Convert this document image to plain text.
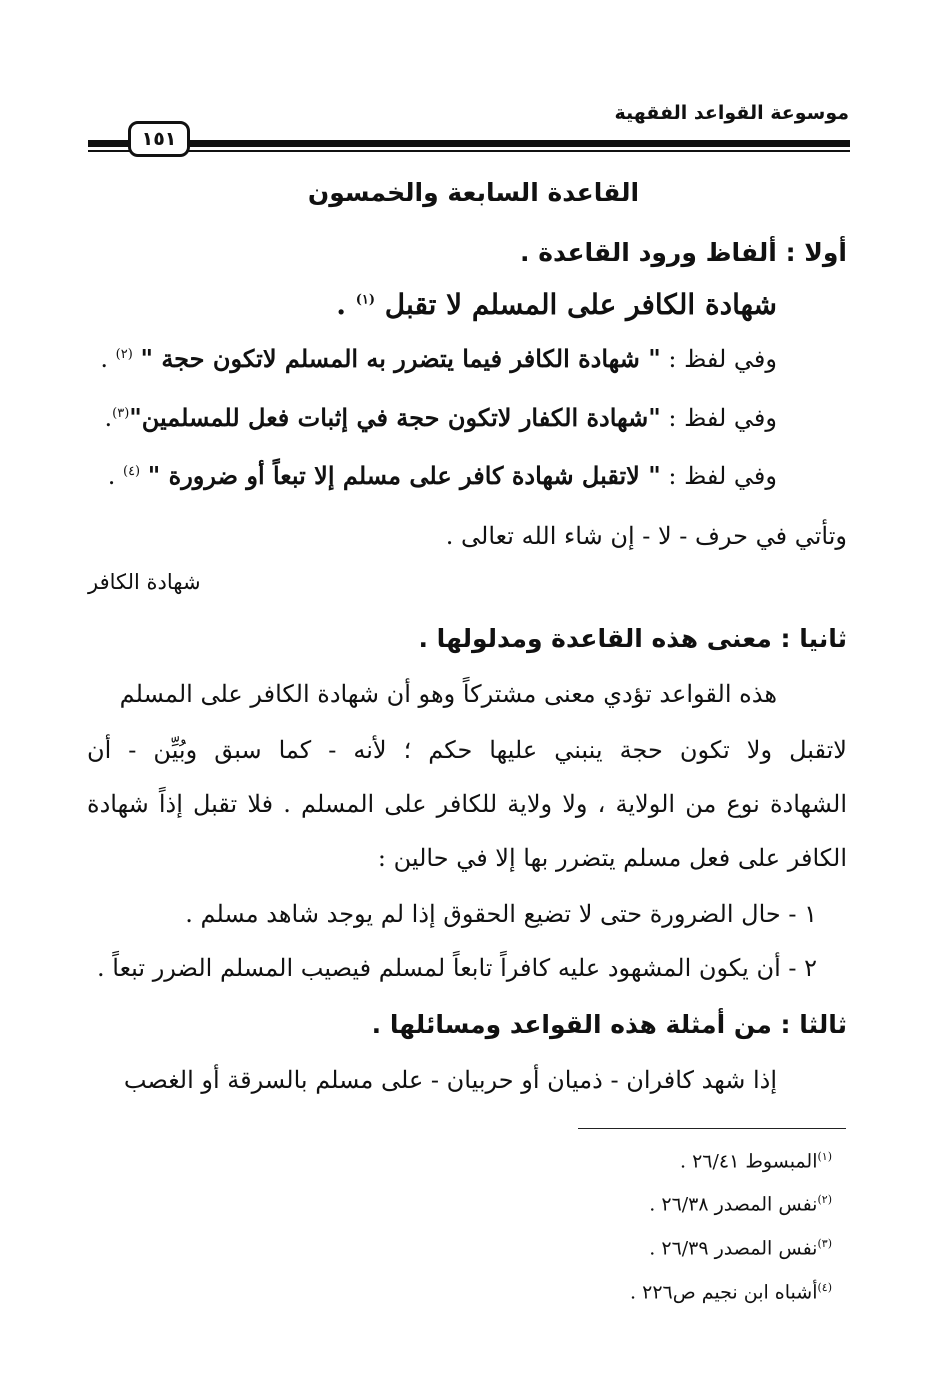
موسوعة القواعد الفقهية
١٥١
القاعدة السابعة والخمسون
أولا : ألفاظ ورود القاعدة .
شهادة الكافر على المسلم لا تقبل $^{(١)}$ .
وفي لفظ : " شهادة الكافر فيما يتضرر به المسلم لاتكون حجة " $^{(٢)}$ .
وفي لفظ : "شهادة الكفار لاتكون حجة في إثبات فعل للمسلمين"$^{(٣)}$.
وفي لفظ : " لاتقبل شهادة كافر على مسلم إلا تبعاً أو ضرورة " $^{(٤)}$ .
وتأتي في حرف - لا - إن شاء الله تعالى .
شهادة الكافر
ثانيا : معنى هذه القاعدة ومدلولها .
هذه القواعد تؤدي معنى مشتركاً وهو أن شهادة الكافر على المسلم
لاتقبل ولا تكون حجة ينبني عليها حكم ؛ لأنه - كما سبق وبُيِّن - أن
الشهادة نوع من الولاية ، ولا ولاية للكافر على المسلم . فلا تقبل إذاً شهادة
الكافر على فعل مسلم يتضرر بها إلا في حالين :
١ - حال الضرورة حتى لا تضيع الحقوق إذا لم يوجد شاهد مسلم .
٢ - أن يكون المشهود عليه كافراً تابعاً لمسلم فيصيب المسلم الضرر تبعاً .
ثالثا : من أمثلة هذه القواعد ومسائلها .
إذا شهد كافران - ذميان أو حربيان - على مسلم بالسرقة أو الغصب
$^{(١)}$المبسوط ٢٦/٤١ .
$^{(٢)}$نفس المصدر ٢٦/٣٨ .
$^{(٣)}$نفس المصدر ٢٦/٣٩ .
$^{(٤)}$أشباه ابن نجيم ص٢٢٦ .
